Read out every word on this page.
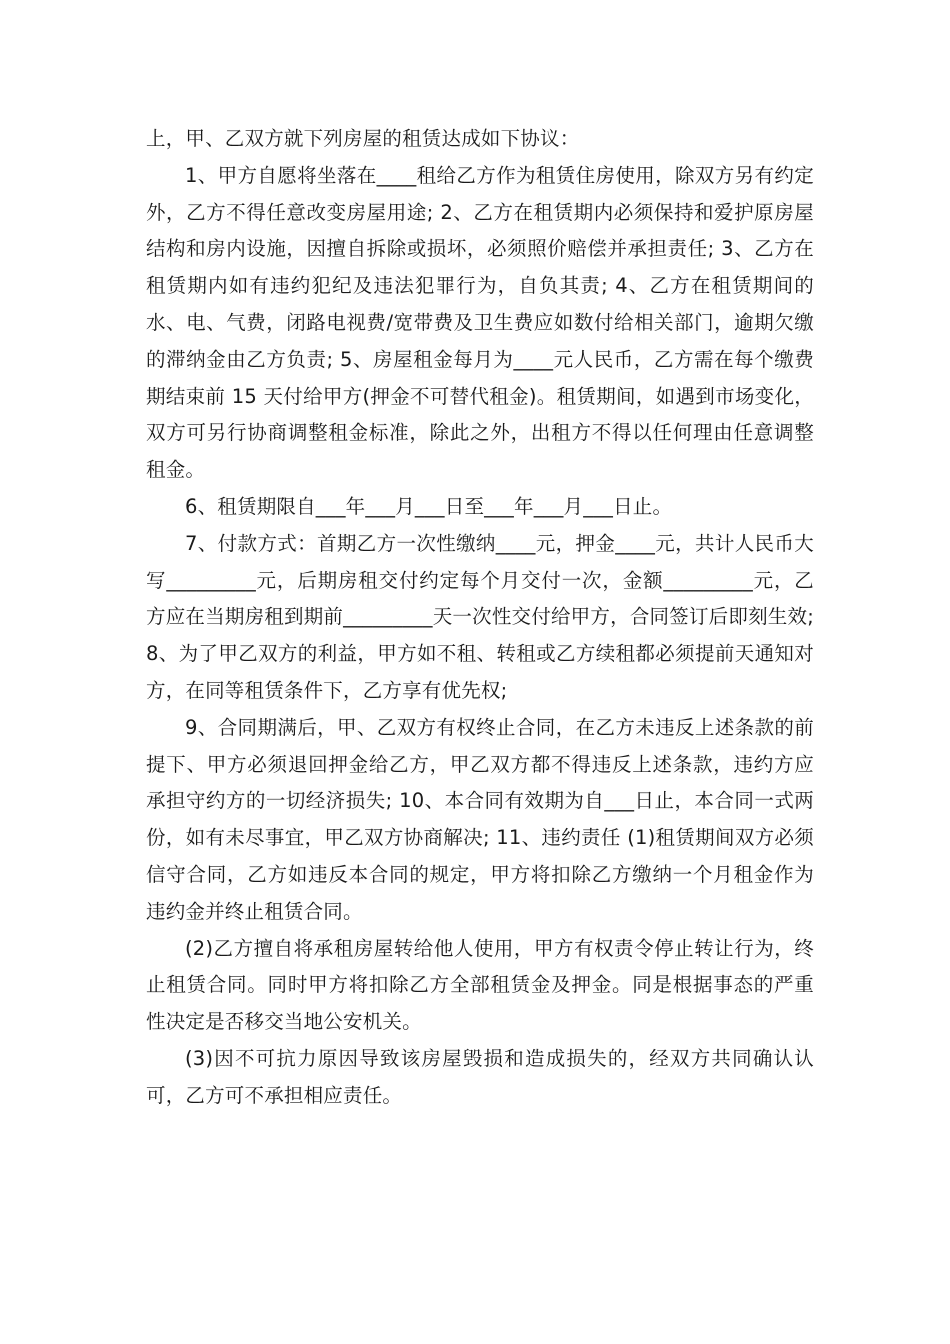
上，甲、乙双方就下列房屋的租赁达成如下协议：

1、甲方自愿将坐落在____租给乙方作为租赁住房使用，除双方另有约定外，乙方不得任意改变房屋用途; 2、乙方在租赁期内必须保持和爱护原房屋结构和房内设施，因擅自拆除或损坏，必须照价赔偿并承担责任; 3、乙方在租赁期内如有违约犯纪及违法犯罪行为，自负其责; 4、乙方在租赁期间的水、电、气费，闭路电视费/宽带费及卫生费应如数付给相关部门，逾期欠缴的滞纳金由乙方负责; 5、房屋租金每月为____元人民币，乙方需在每个缴费期结束前 15 天付给甲方(押金不可替代租金)。租赁期间，如遇到市场变化，双方可另行协商调整租金标准，除此之外，出租方不得以任何理由任意调整租金。

6、租赁期限自___年___月___日至___年___月___日止。

7、付款方式：首期乙方一次性缴纳____元，押金____元，共计人民币大写_________元，后期房租交付约定每个月交付一次，金额_________元，乙方应在当期房租到期前_________天一次性交付给甲方，合同签订后即刻生效; 8、为了甲乙双方的利益，甲方如不租、转租或乙方续租都必须提前天通知对方，在同等租赁条件下，乙方享有优先权;

9、合同期满后，甲、乙双方有权终止合同，在乙方未违反上述条款的前提下、甲方必须退回押金给乙方，甲乙双方都不得违反上述条款，违约方应承担守约方的一切经济损失; 10、本合同有效期为自___日止，本合同一式两份，如有未尽事宜，甲乙双方协商解决; 11、违约责任 (1)租赁期间双方必须信守合同，乙方如违反本合同的规定，甲方将扣除乙方缴纳一个月租金作为违约金并终止租赁合同。

(2)乙方擅自将承租房屋转给他人使用，甲方有权责令停止转让行为，终止租赁合同。同时甲方将扣除乙方全部租赁金及押金。同是根据事态的严重性决定是否移交当地公安机关。

(3)因不可抗力原因导致该房屋毁损和造成损失的，经双方共同确认认可，乙方可不承担相应责任。
